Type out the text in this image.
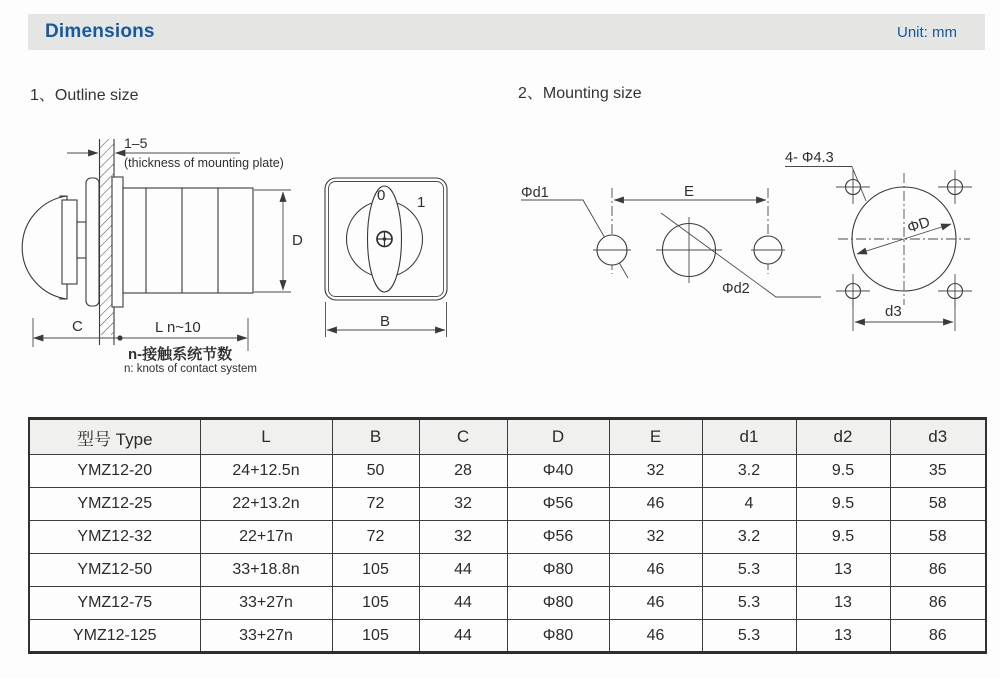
Dimensions	Unit: mm
1、Outline size	2、Mounting size
1–5
(thickness of mounting plate)
D
C	L n~10
n-接触系统节数
n: knots of contact system
0 1
B
Φd1	E
Φd2
4- Φ4.3
ΦD
d3
型号 Type	L	B	C	D	E	d1	d2	d3
YMZ12-20	24+12.5n	50	28	Φ40	32	3.2	9.5	35
YMZ12-25	22+13.2n	72	32	Φ56	46	4	9.5	58
YMZ12-32	22+17n	72	32	Φ56	32	3.2	9.5	58
YMZ12-50	33+18.8n	105	44	Φ80	46	5.3	13	86
YMZ12-75	33+27n	105	44	Φ80	46	5.3	13	86
YMZ12-125	33+27n	105	44	Φ80	46	5.3	13	86
